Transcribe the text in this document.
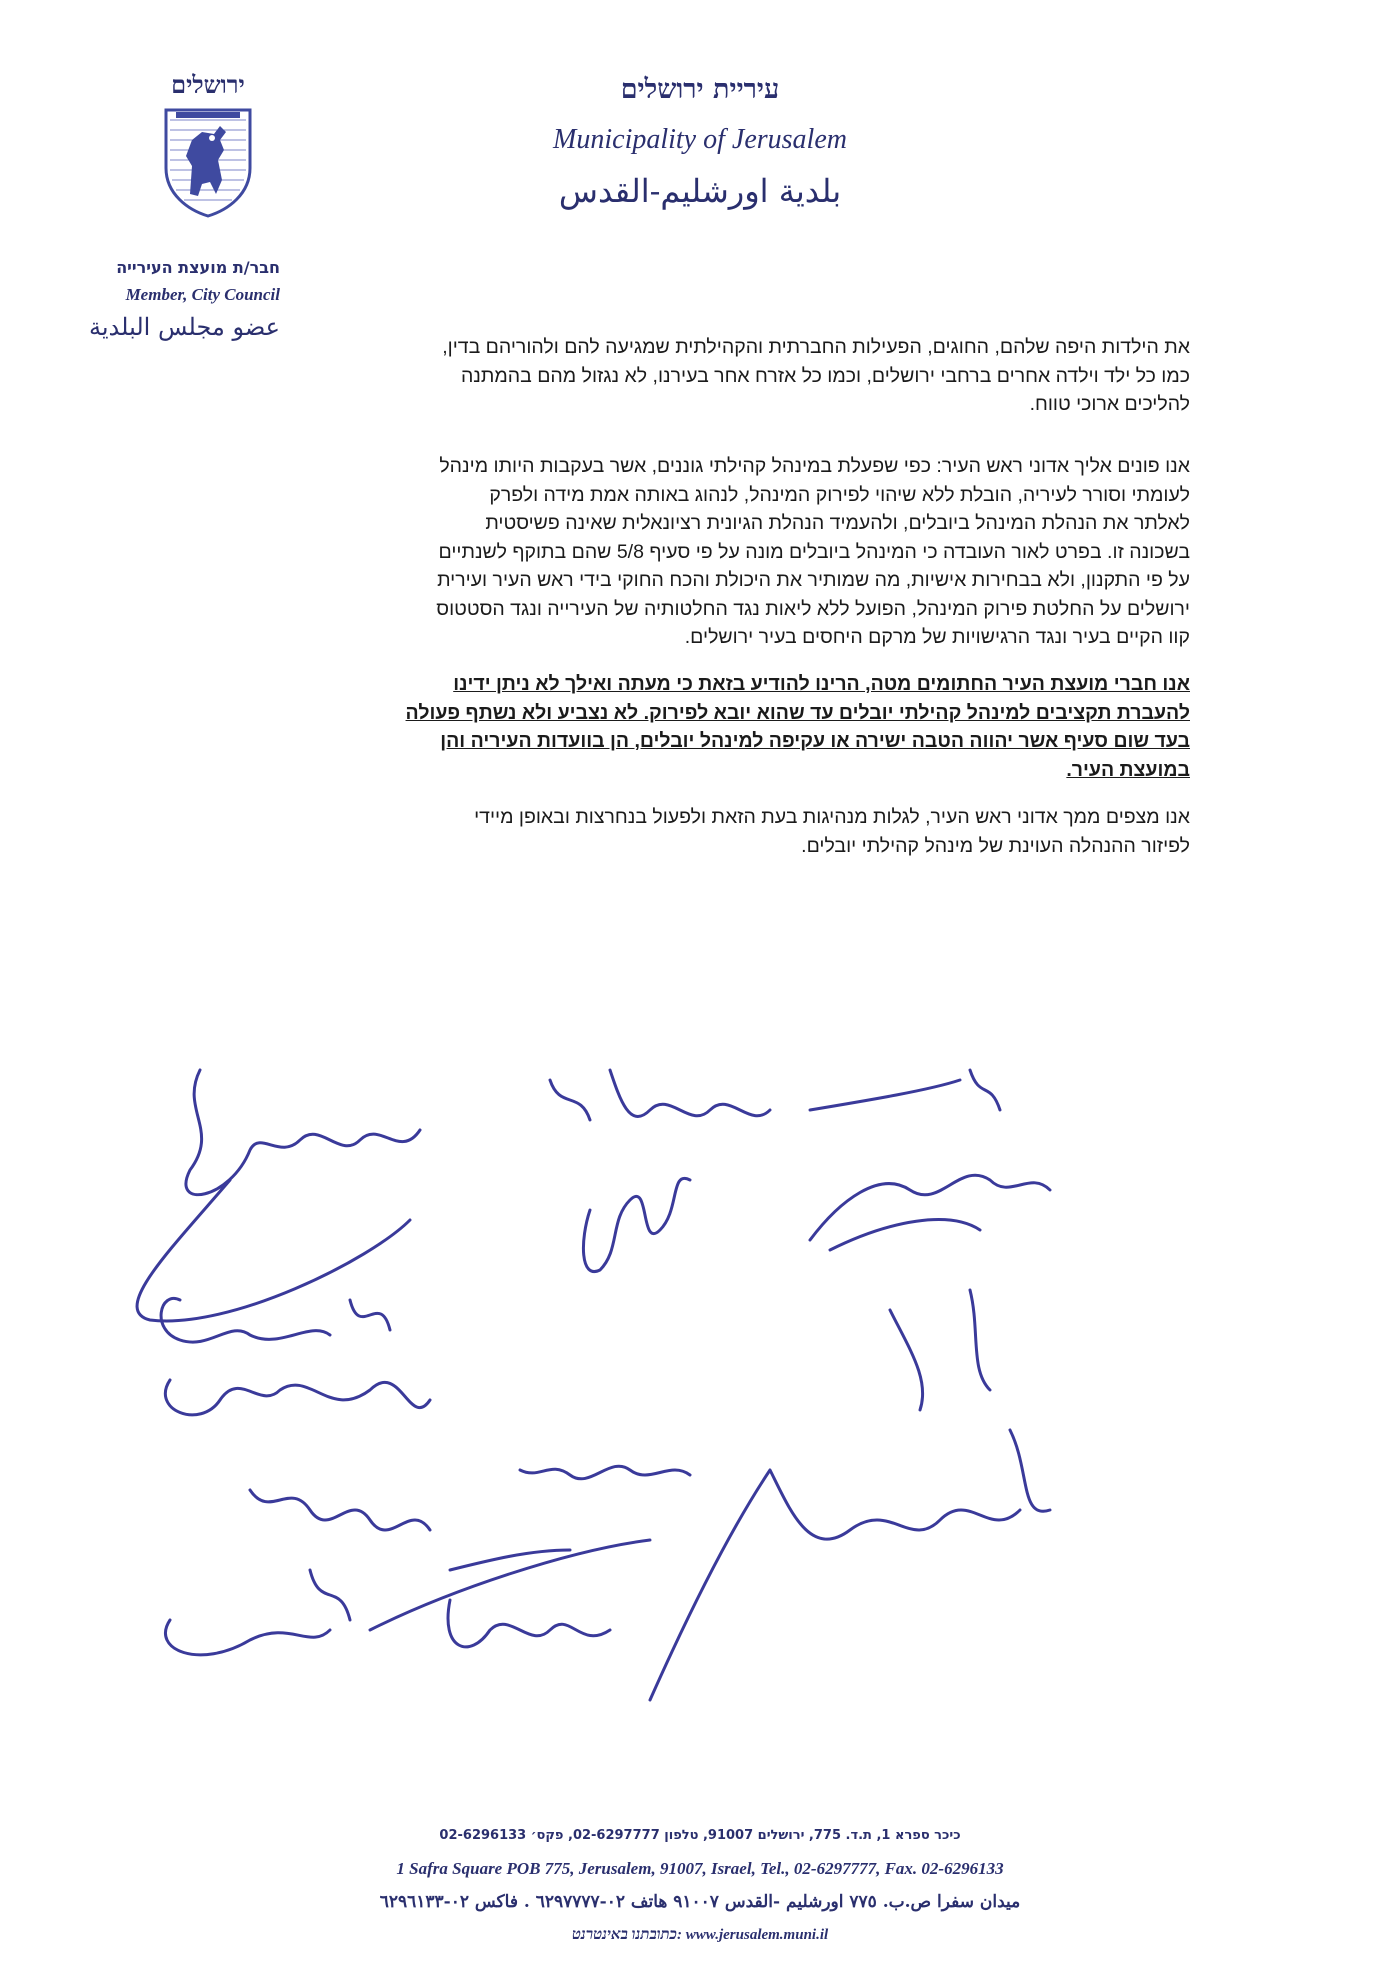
עיריית ירושלים
Municipality of Jerusalem
بلدية اورشليم-القدس
ירושלים
חבר/ת מועצת העירייה
Member, City Council
عضو مجلس البلدية
את הילדות היפה שלהם, החוגים, הפעילות החברתית והקהילתית שמגיעה להם ולהוריהם בדין,
כמו כל ילד וילדה אחרים ברחבי ירושלים, וכמו כל אזרח אחר בעירנו, לא נגזול מהם בהמתנה
להליכים ארוכי טווח.
אנו פונים אליך אדוני ראש העיר: כפי שפעלת במינהל קהילתי גוננים, אשר בעקבות היותו מינהל
לעומתי וסורר לעיריה, הובלת ללא שיהוי לפירוק המינהל, לנהוג באותה אמת מידה ולפרק
לאלתר את הנהלת המינהל ביובלים, ולהעמיד הנהלת הגיונית רציונאלית שאינה פשיסטית
בשכונה זו. בפרט לאור העובדה כי המינהל ביובלים מונה על פי סעיף 5/8 שהם בתוקף לשנתיים
על פי התקנון, ולא בבחירות אישיות, מה שמותיר את היכולת והכח החוקי בידי ראש העיר ועירית
ירושלים על החלטת פירוק המינהל, הפועל ללא ליאות נגד החלטותיה של העירייה ונגד הסטטוס
קוו הקיים בעיר ונגד הרגישויות של מרקם היחסים בעיר ירושלים.
אנו חברי מועצת העיר החתומים מטה, הרינו להודיע בזאת כי מעתה ואילך לא ניתן ידינו
להעברת תקציבים למינהל קהילתי יובלים עד שהוא יובא לפירוק. לא נצביע ולא נשתף פעולה
בעד שום סעיף אשר יהווה הטבה ישירה או עקיפה למינהל יובלים, הן בוועדות העיריה והן
במועצת העיר.
אנו מצפים ממך אדוני ראש העיר, לגלות מנהיגות בעת הזאת ולפעול בנחרצות ובאופן מיידי
לפיזור ההנהלה העוינת של מינהל קהילתי יובלים.
כיכר ספרא 1, ת.ד. 775, ירושלים 91007, טלפון 02-6297777, פקס׳ 02-6296133
1 Safra Square POB 775, Jerusalem, 91007, Israel, Tel., 02-6297777, Fax. 02-6296133
ميدان سفرا ص.ب. ٧٧٥ اورشليم -القدس ٩١٠٠٧ هاتف ٠٢-٦٢٩٧٧٧٧ . فاكس ٠٢-٦٢٩٦١٣٣
www.jerusalem.muni.il :כתובתנו באינטרנט
